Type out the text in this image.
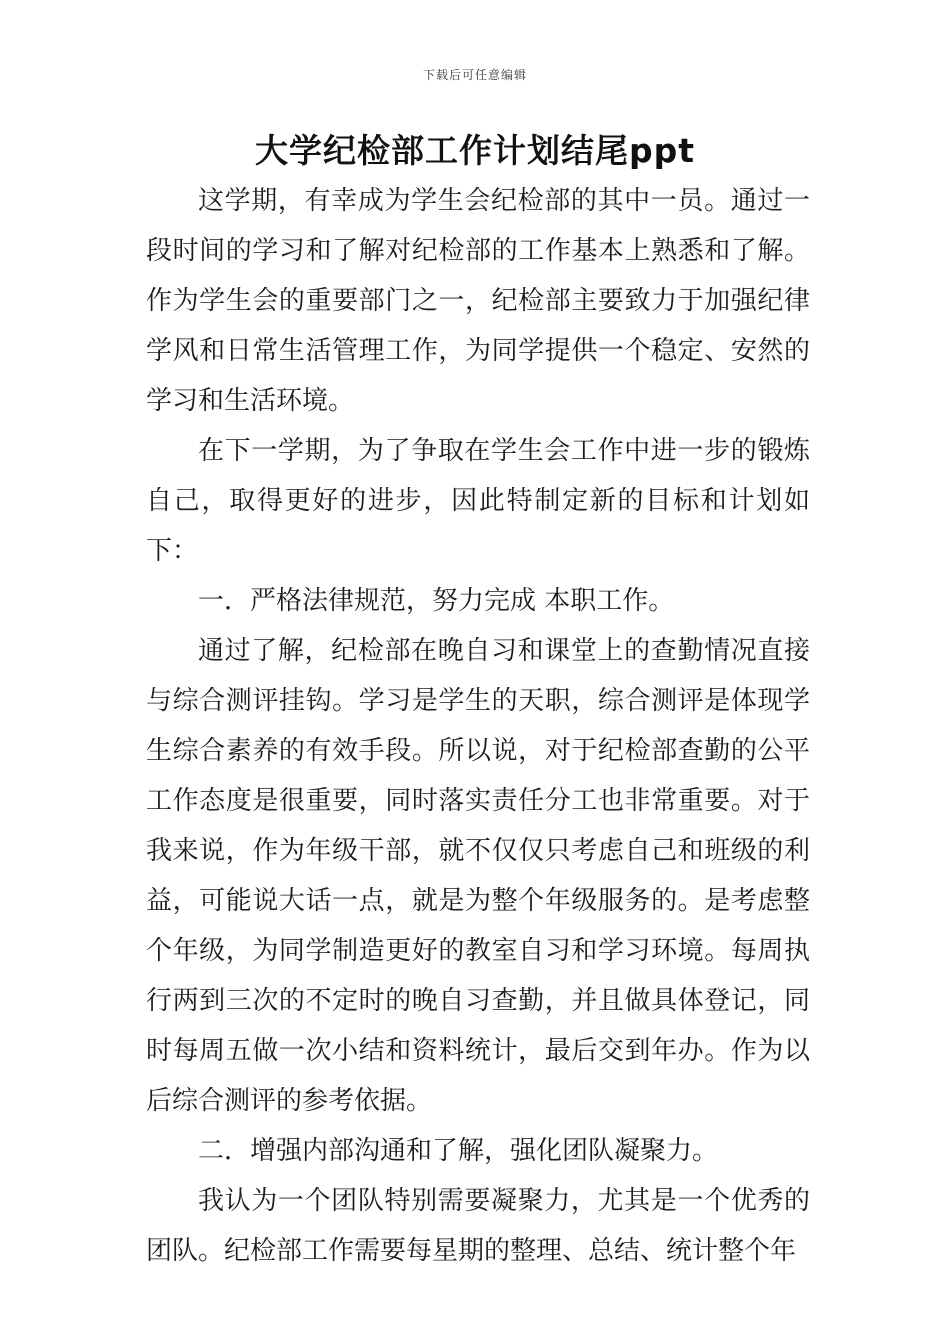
下载后可任意编辑
大学纪检部工作计划结尾ppt

这学期，有幸成为学生会纪检部的其中一员。通过一段时间的学习和了解对纪检部的工作基本上熟悉和了解。作为学生会的重要部门之一，纪检部主要致力于加强纪律学风和日常生活管理工作，为同学提供一个稳定、安然的学习和生活环境。

在下一学期，为了争取在学生会工作中进一步的锻炼自己，取得更好的进步，因此特制定新的目标和计划如下：

一．严格法律规范，努力完成 本职工作。

通过了解，纪检部在晚自习和课堂上的查勤情况直接与综合测评挂钩。学习是学生的天职，综合测评是体现学生综合素养的有效手段。所以说，对于纪检部查勤的公平工作态度是很重要，同时落实责任分工也非常重要。对于我来说，作为年级干部，就不仅仅只考虑自己和班级的利益，可能说大话一点，就是为整个年级服务的。是考虑整个年级，为同学制造更好的教室自习和学习环境。每周执行两到三次的不定时的晚自习查勤，并且做具体登记，同时每周五做一次小结和资料统计，最后交到年办。作为以后综合测评的参考依据。

二．增强内部沟通和了解，强化团队凝聚力。

我认为一个团队特别需要凝聚力，尤其是一个优秀的团队。纪检部工作需要每星期的整理、总结、统计整个年
